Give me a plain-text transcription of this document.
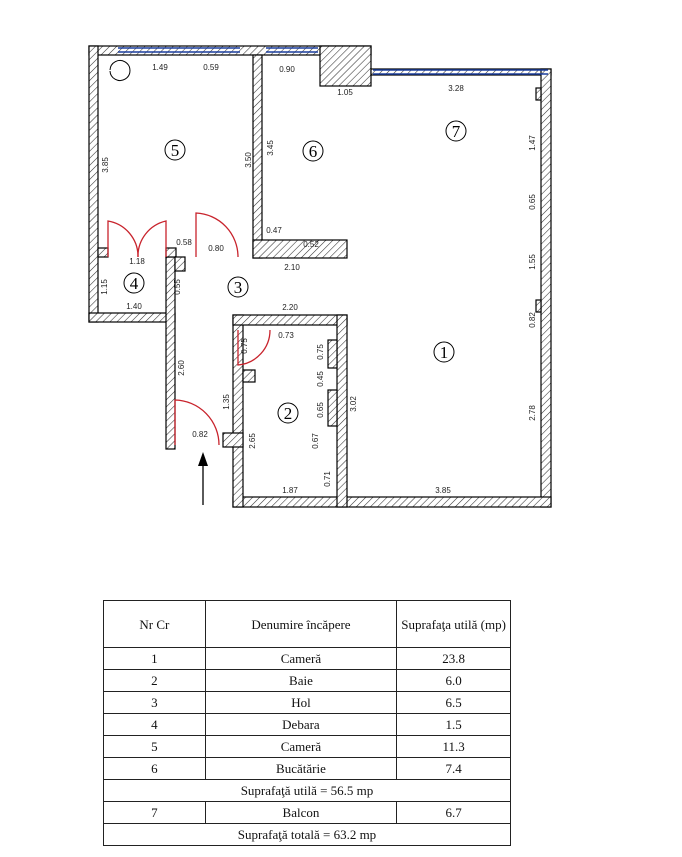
1
2
3
4
5	6
7
1.49	0.59	0.90
1.05	3.28
1.47
0.65
1.55
0.82
2.78
3.85	3.50
3.45
0.47
0.52
0.58
0.80
1.18
2.10
1.15
1.40
0.55
2.20
0.73
0.75	0.75
0.45
2.60
1.35	3.02
0.65
2.65	0.67
0.82
0.71
1.87	3.85
Nr Cr	Denumire încăpere	Suprafaţa utilă (mp)
1	Cameră	23.8
2	Baie	6.0
3	Hol	6.5
4	Debara	1.5
5	Cameră	11.3
6	Bucătărie	7.4
Suprafaţă utilă = 56.5 mp		
7	Balcon	6.7
Suprafaţă totală = 63.2 mp		
